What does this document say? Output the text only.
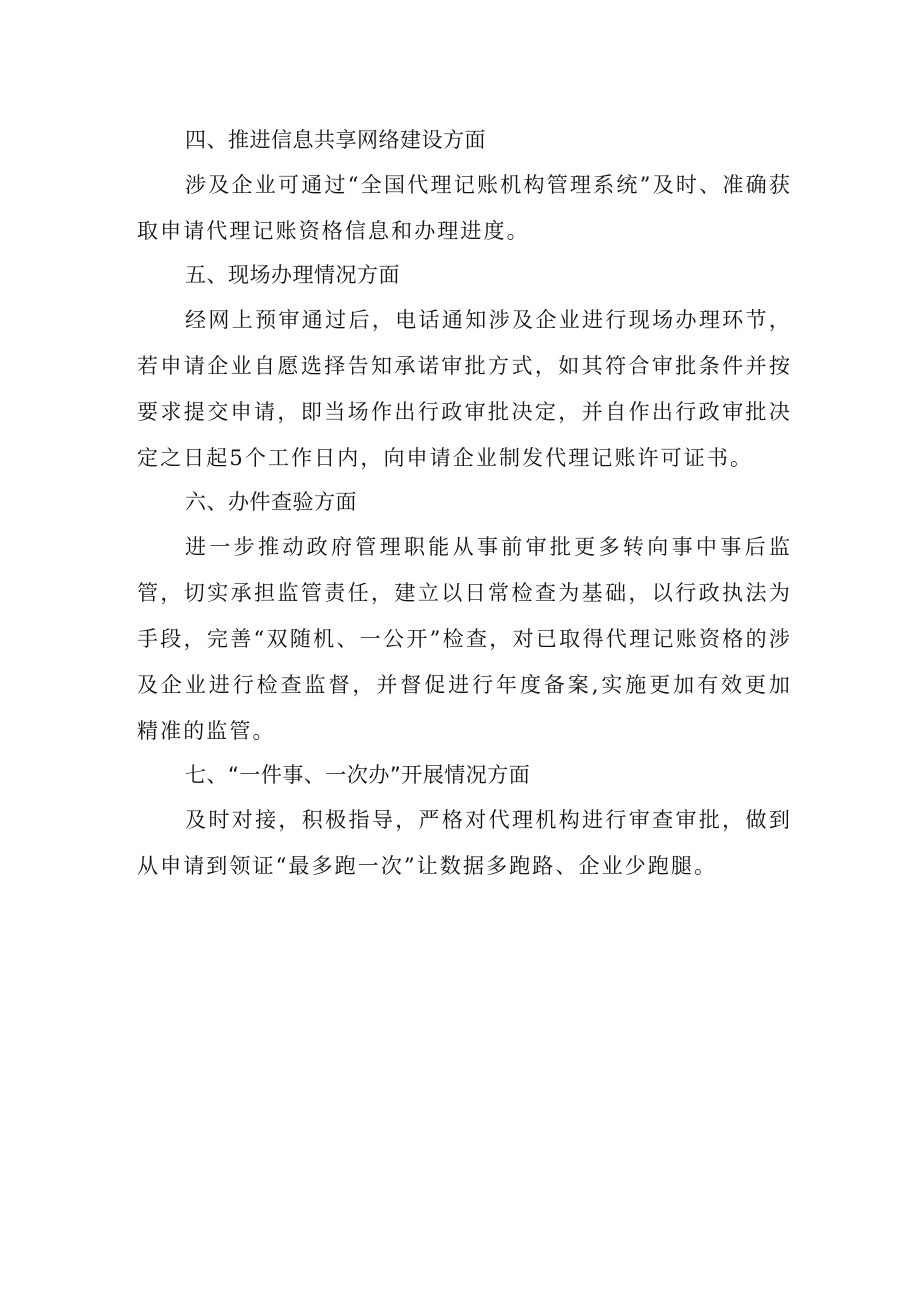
四、推进信息共享网络建设方面

涉及企业可通过“全国代理记账机构管理系统”及时、准确获取申请代理记账资格信息和办理进度。

五、现场办理情况方面

经网上预审通过后，电话通知涉及企业进行现场办理环节，若申请企业自愿选择告知承诺审批方式，如其符合审批条件并按要求提交申请，即当场作出行政审批决定，并自作出行政审批决定之日起5个工作日内，向申请企业制发代理记账许可证书。

六、办件查验方面

进一步推动政府管理职能从事前审批更多转向事中事后监管，切实承担监管责任，建立以日常检查为基础，以行政执法为手段，完善“双随机、一公开”检查，对已取得代理记账资格的涉及企业进行检查监督，并督促进行年度备案,实施更加有效更加精准的监管。

七、“一件事、一次办”开展情况方面

及时对接，积极指导，严格对代理机构进行审查审批，做到从申请到领证“最多跑一次”让数据多跑路、企业少跑腿。
